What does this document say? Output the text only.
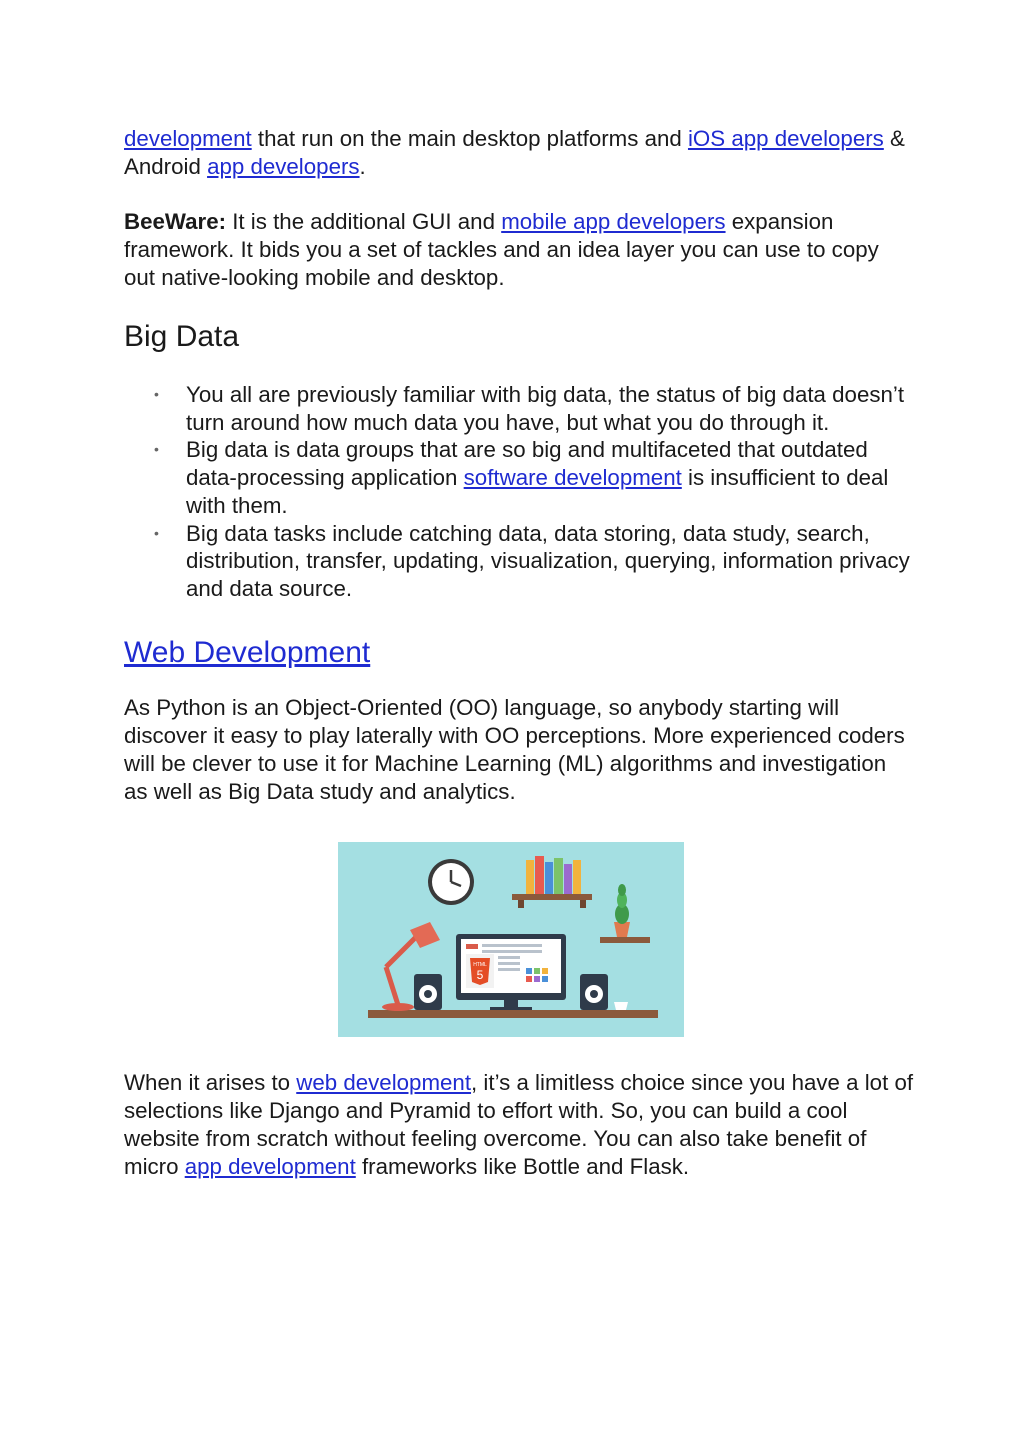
development that run on the main desktop platforms and iOS app developers & Android app developers.

BeeWare: It is the additional GUI and mobile app developers expansion framework. It bids you a set of tackles and an idea layer you can use to copy out native-looking mobile and desktop.

Big Data
• You all are previously familiar with big data, the status of big data doesn’t turn around how much data you have, but what you do through it.
• Big data is data groups that are so big and multifaceted that outdated data-processing application software development is insufficient to deal with them.
• Big data tasks include catching data, data storing, data study, search, distribution, transfer, updating, visualization, querying, information privacy and data source.
Web Development

As Python is an Object-Oriented (OO) language, so anybody starting will discover it easy to play laterally with OO perceptions. More experienced coders will be clever to use it for Machine Learning (ML) algorithms and investigation as well as Big Data study and analytics.

5
HTML

When it arises to web development, it’s a limitless choice since you have a lot of selections like Django and Pyramid to effort with. So, you can build a cool website from scratch without feeling overcome. You can also take benefit of micro app development frameworks like Bottle and Flask.
